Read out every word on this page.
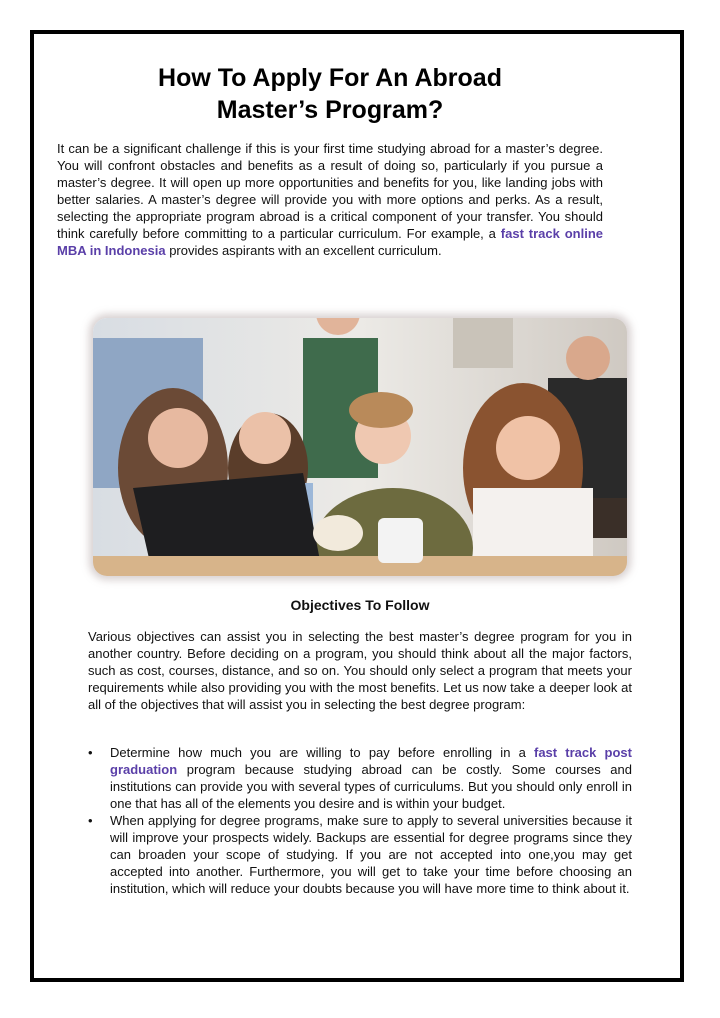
How To Apply For An Abroad
Master’s Program?

It can be a significant challenge if this is your first time studying abroad for a master’s degree. You will confront obstacles and benefits as a result of doing so, particularly if you pursue a master’s degree. It will open up more opportunities and benefits for you, like landing jobs with better salaries. A master’s degree will provide you with more options and perks. As a result, selecting the appropriate program abroad is a critical component of your transfer. You should think carefully before committing to a particular curriculum. For example, a fast track online MBA in Indonesia provides aspirants with an excellent curriculum.

Objectives To Follow

Various objectives can assist you in selecting the best master’s degree program for you in another country. Before deciding on a program, you should think about all the major factors, such as cost, courses, distance, and so on. You should only select a program that meets your requirements while also providing you with the most benefits. Let us now take a deeper look at all of the objectives that will assist you in selecting the best degree program:

• Determine how much you are willing to pay before enrolling in a fast track post graduation program because studying abroad can be costly. Some courses and institutions can provide you with several types of curriculums. But you should only enroll in one that has all of the elements you desire and is within your budget.
• When applying for degree programs, make sure to apply to several universities because it will improve your prospects widely. Backups are essential for degree programs since they can broaden your scope of studying. If you are not accepted into one,you may get accepted into another. Furthermore, you will get to take your time before choosing an institution, which will reduce your doubts because you will have more time to think about it.
